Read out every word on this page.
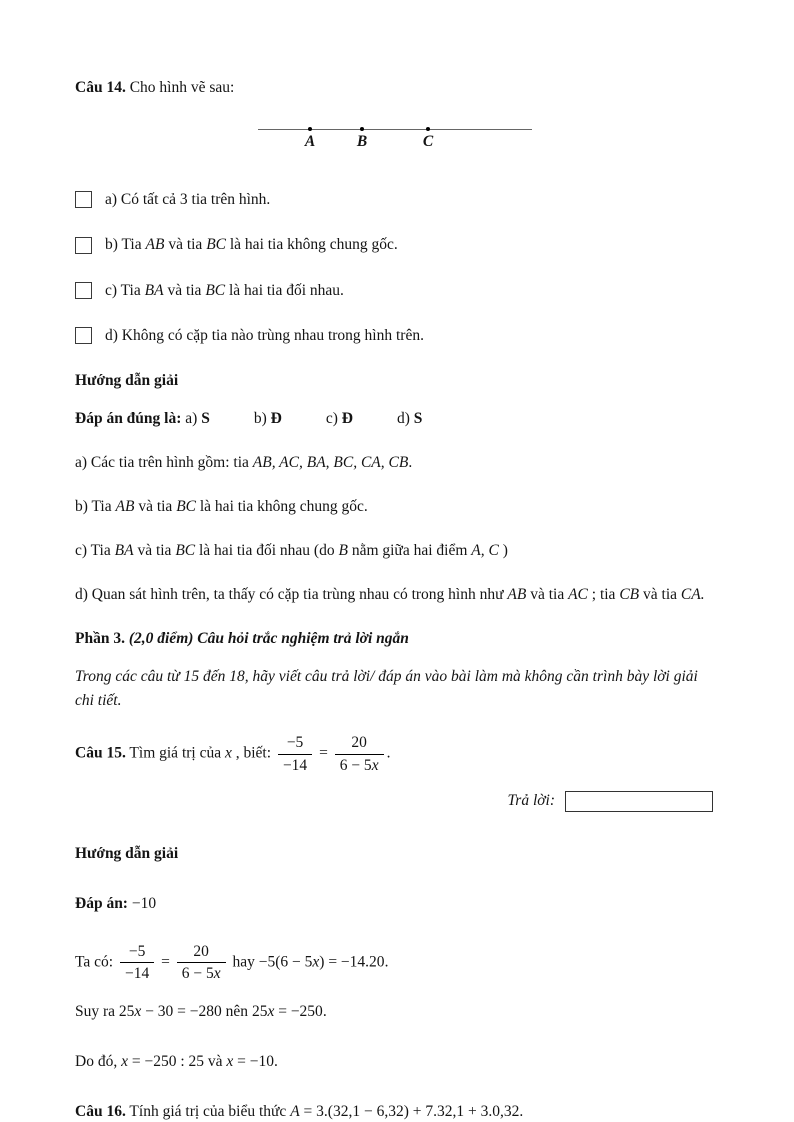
Câu 14. Cho hình vẽ sau:

A	B	C
a) Có tất cả 3 tia trên hình.
b) Tia AB và tia BC là hai tia không chung gốc.
c) Tia BA và tia BC là hai tia đối nhau.
d) Không có cặp tia nào trùng nhau trong hình trên.

Hướng dẫn giải

Đáp án đúng là: a) S	b) Đ	c) Đ	d) S

a) Các tia trên hình gồm: tia AB, AC, BA, BC, CA, CB.

b) Tia AB và tia BC là hai tia không chung gốc.

c) Tia BA và tia BC là hai tia đối nhau (do B nằm giữa hai điểm A, C )

d) Quan sát hình trên, ta thấy có cặp tia trùng nhau có trong hình như AB và tia AC ; tia CB và tia CA.

Phần 3. (2,0 điểm) Câu hỏi trắc nghiệm trả lời ngắn

Trong các câu từ 15 đến 18, hãy viết câu trả lời/ đáp án vào bài làm mà không cần trình bày lời giải chi tiết.

Câu 15. Tìm giá trị của x , biết: $\frac{-5}{-14} = \frac{20}{6 - 5x}$ .

Trả lời:

Hướng dẫn giải

Đáp án: −10

Ta có: $\frac{-5}{-14} = \frac{20}{6 - 5x}$ hay −5(6 − 5x) = −14.20.

Suy ra 25x − 30 = −280 nên 25x = −250.

Do đó, x = −250 : 25 và x = −10.

Câu 16. Tính giá trị của biểu thức A = 3.(32,1 − 6,32) + 7.32,1 + 3.0,32.
